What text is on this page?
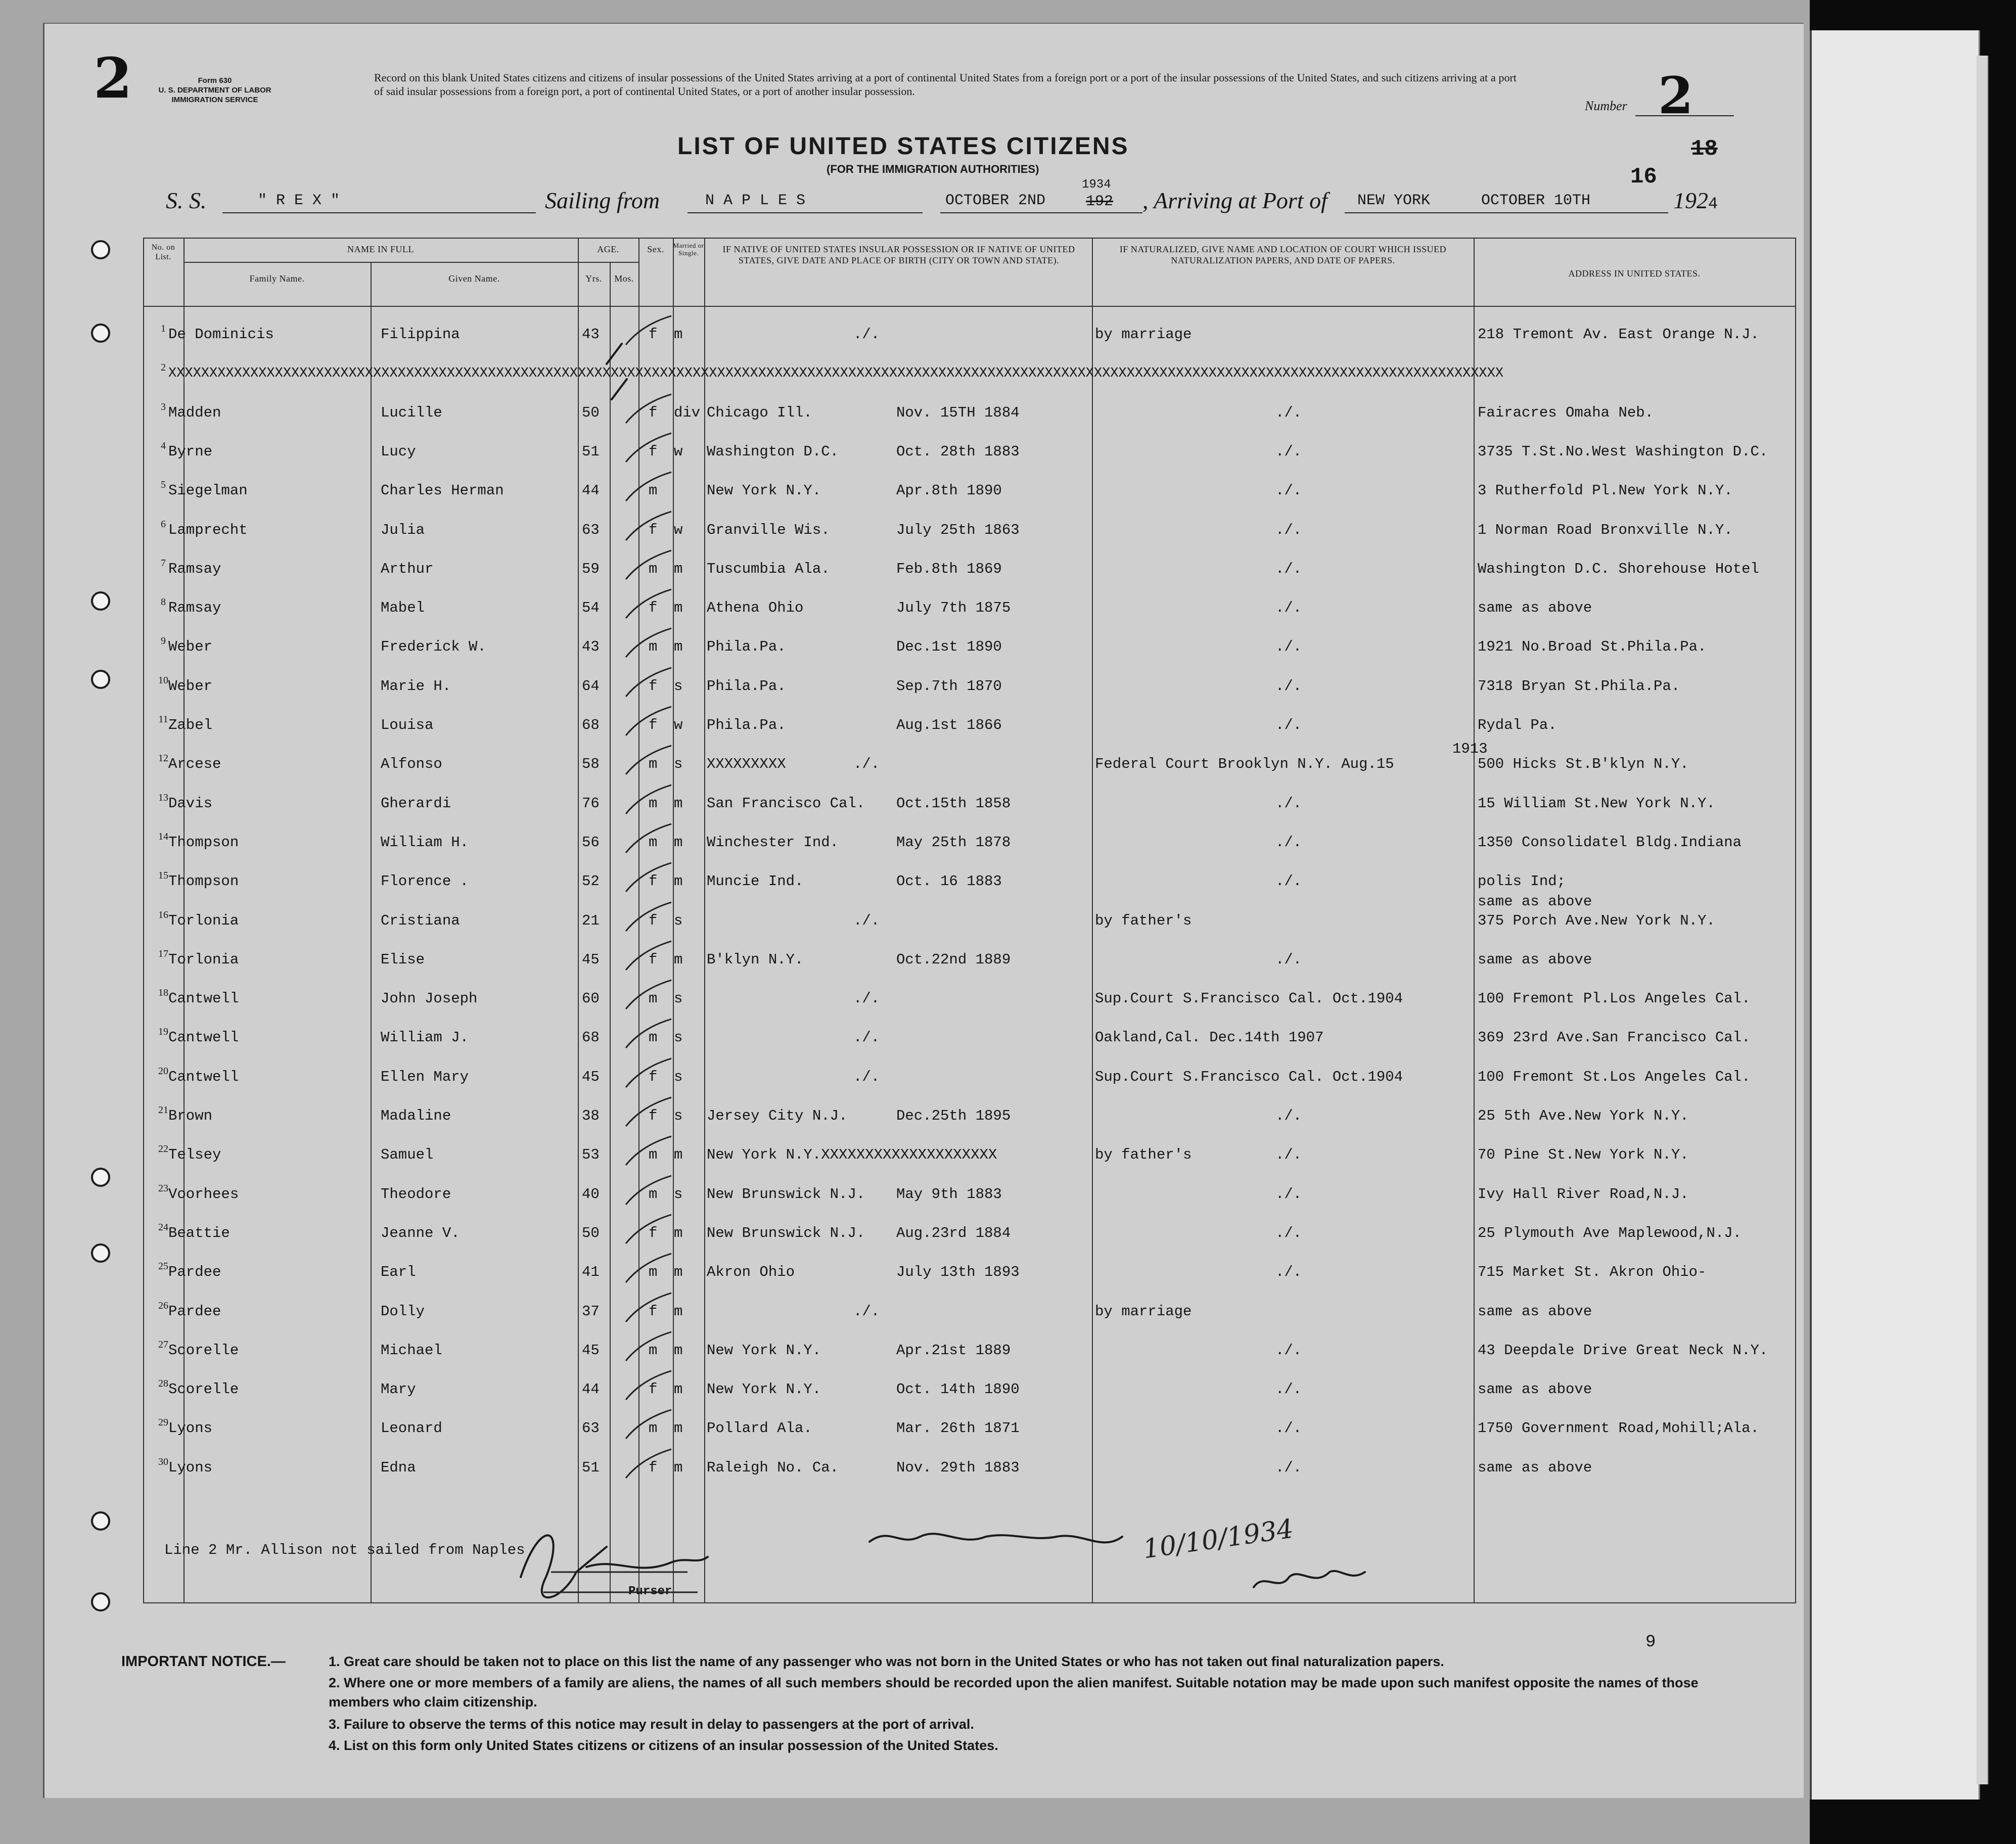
2	Form 630
U. S. DEPARTMENT OF LABOR
IMMIGRATION SERVICE
Record on this blank United States citizens and citizens of insular possessions of the United States arriving at a port of continental United States from a foreign port or a port of the insular possessions of the United States, and such citizens arriving at a port of said insular possessions from a foreign port, a port of continental United States, or a port of another insular possession.
Number 2
16
18
LIST OF UNITED STATES CITIZENS
(FOR THE IMMIGRATION AUTHORITIES)
S. S.	" R E X "	Sailing from	N A P L E S	OCTOBER 2ND
1934
192 , Arriving at Port of NEW YORK	OCTOBER 10TH	1924
No. on List.
NAME IN FULL
Family Name.	Given Name.
AGE.
Yrs.	Mos.
Sex.	Married or Single.	IF NATIVE OF UNITED STATES INSULAR POSSESSION OR IF NATIVE OF UNITED STATES, GIVE DATE AND PLACE OF BIRTH (CITY OR TOWN AND STATE).
IF NATURALIZED, GIVE NAME AND LOCATION OF COURT WHICH ISSUED NATURALIZATION PAPERS, AND DATE OF PAPERS.
ADDRESS IN UNITED STATES.
1 De Dominicis	Filippina	43	f m	./.	by marriage	218 Tremont Av. East Orange N.J.
2 XXXXXXXXXXXXXXXXXXXXXXXXXXXXXXXXXXXXXXXXXXXXXXXXXXXXXXXXXXXXXXXXXXXXXXXXXXXXXXXXXXXXXXXXXXXXXXXXXXXXXXXXXXXXXXXXXXXXXXXXXXXXXXXXXXXXXXXXXXXXXXXXXXXXXXXXXXXXXXXXXXX
3 Madden	Lucille	50	f div Chicago Ill.	Nov. 15TH 1884	./.	Fairacres Omaha Neb.
4 Byrne	Lucy	51	f w Washington D.C.	Oct. 28th 1883	./.	3735 T.St.No.West Washington D.C.
5 Siegelman	Charles Herman	44	m	New York N.Y.	Apr.8th 1890	./.	3 Rutherfold Pl.New York N.Y.
6 Lamprecht	Julia	63	f w Granville Wis.	July 25th 1863	./.	1 Norman Road Bronxville N.Y.
7 Ramsay	Arthur	59	m m Tuscumbia Ala.	Feb.8th 1869	./.	Washington D.C. Shorehouse Hotel
8 Ramsay	Mabel	54	f m Athena Ohio	July 7th 1875	./.	same as above
9 Weber	Frederick W.	43	m m Phila.Pa.	Dec.1st 1890	./.	1921 No.Broad St.Phila.Pa.
10 Weber	Marie H.	64	f s Phila.Pa.	Sep.7th 1870	./.	7318 Bryan St.Phila.Pa.
11 Zabel	Louisa	68	f w Phila.Pa.	Aug.1st 1866	./.	Rydal Pa.
12 Arcese	Alfonso	58	m s XXXXXXXXX	./.	Federal Court Brooklyn N.Y. Aug.15	500 Hicks St.B'klyn N.Y.
1913
13 Davis	Gherardi	76	m m San Francisco Cal. Oct.15th 1858	./.	15 William St.New York N.Y.
14 Thompson	William H.	56	m m Winchester Ind.	May 25th 1878	./.	1350 Consolidatel Bldg.Indiana
15 Thompson	Florence .	52	f m Muncie Ind.	Oct. 16 1883	./.	polis Ind;
same as above
16 Torlonia	Cristiana	21	f s	./.	by father's	375 Porch Ave.New York N.Y.
17 Torlonia	Elise	45	f m B'klyn N.Y.	Oct.22nd 1889	./.	same as above
18 Cantwell	John Joseph	60	m s	./.	Sup.Court S.Francisco Cal. Oct.1904	100 Fremont Pl.Los Angeles Cal.
19 Cantwell	William J.	68	m s	./.	Oakland,Cal. Dec.14th 1907	369 23rd Ave.San Francisco Cal.
20 Cantwell	Ellen Mary	45	f s	./.	Sup.Court S.Francisco Cal. Oct.1904	100 Fremont St.Los Angeles Cal.
21 Brown	Madaline	38	f s Jersey City N.J.	Dec.25th 1895	./.	25 5th Ave.New York N.Y.
22 Telsey	Samuel	53	m m New York N.Y.XXXXXXXXXXXXXXXXXXXX	by father's	./.	70 Pine St.New York N.Y.
23 Voorhees	Theodore	40	m s New Brunswick N.J. May 9th 1883	./.	Ivy Hall River Road,N.J.
24 Beattie	Jeanne V.	50	f m New Brunswick N.J. Aug.23rd 1884	./.	25 Plymouth Ave Maplewood,N.J.
25 Pardee	Earl	41	m m Akron Ohio	July 13th 1893	./.	715 Market St. Akron Ohio-
26 Pardee	Dolly	37	f m	./.	by marriage	same as above
27 Scorelle	Michael	45	m m New York N.Y.	Apr.21st 1889	./.	43 Deepdale Drive Great Neck N.Y.
28 Scorelle	Mary	44	f m New York N.Y.	Oct. 14th 1890	./.	same as above
29 Lyons	Leonard	63	m m Pollard Ala.	Mar. 26th 1871	./.	1750 Government Road,Mohill;Ala.
30 Lyons	Edna	51	f m Raleigh No. Ca.	Nov. 29th 1883	./.	same as above
Line 2 Mr. Allison not sailed from Naples
Purser
10/10/1934
9
IMPORTANT NOTICE.—	1. Great care should be taken not to place on this list the name of any passenger who was not born in the United States or who has not taken out final naturalization papers.
2. Where one or more members of a family are aliens, the names of all such members should be recorded upon the alien manifest. Suitable notation may be made upon such manifest opposite the names of those members who claim citizenship.
3. Failure to observe the terms of this notice may result in delay to passengers at the port of arrival.
4. List on this form only United States citizens or citizens of an insular possession of the United States.
